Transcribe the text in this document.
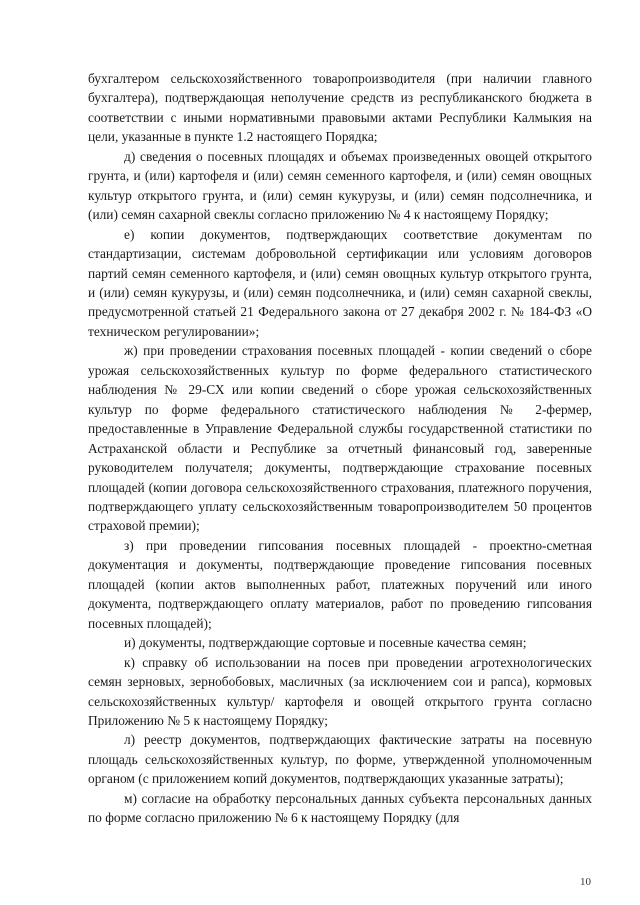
бухгалтером сельскохозяйственного товаропроизводителя (при наличии главного бухгалтера), подтверждающая неполучение средств из республиканского бюджета в соответствии с иными нормативными правовыми актами Республики Калмыкия на цели, указанные в пункте 1.2 настоящего Порядка;

д) сведения о посевных площадях и объемах произведенных овощей открытого грунта, и (или) картофеля и (или) семян семенного картофеля, и (или) семян овощных культур открытого грунта, и (или) семян кукурузы, и (или) семян подсолнечника, и (или) семян сахарной свеклы согласно приложению № 4 к настоящему Порядку;

е) копии документов, подтверждающих соответствие документам по стандартизации, системам добровольной сертификации или условиям договоров партий семян семенного картофеля, и (или) семян овощных культур открытого грунта, и (или) семян кукурузы, и (или) семян подсолнечника, и (или) семян сахарной свеклы, предусмотренной статьей 21 Федерального закона от 27 декабря 2002 г. № 184-ФЗ «О техническом регулировании»;

ж) при проведении страхования посевных площадей - копии сведений о сборе урожая сельскохозяйственных культур по форме федерального статистического наблюдения № 29-СХ или копии сведений о сборе урожая сельскохозяйственных культур по форме федерального статистического наблюдения № 2-фермер, предоставленные в Управление Федеральной службы государственной статистики по Астраханской области и Республике за отчетный финансовый год, заверенные руководителем получателя; документы, подтверждающие страхование посевных площадей (копии договора сельскохозяйственного страхования, платежного поручения, подтверждающего уплату сельскохозяйственным товаропроизводителем 50 процентов страховой премии);

з) при проведении гипсования посевных площадей - проектно-сметная документация и документы, подтверждающие проведение гипсования посевных площадей (копии актов выполненных работ, платежных поручений или иного документа, подтверждающего оплату материалов, работ по проведению гипсования посевных площадей);

и) документы, подтверждающие сортовые и посевные качества семян;

к) справку об использовании на посев при проведении агротехнологических семян зерновых, зернобобовых, масличных (за исключением сои и рапса), кормовых сельскохозяйственных культур/ картофеля и овощей открытого грунта согласно Приложению № 5 к настоящему Порядку;

л) реестр документов, подтверждающих фактические затраты на посевную площадь сельскохозяйственных культур, по форме, утвержденной уполномоченным органом (с приложением копий документов, подтверждающих указанные затраты);

м) согласие на обработку персональных данных субъекта персональных данных по форме согласно приложению № 6 к настоящему Порядку (для

10
